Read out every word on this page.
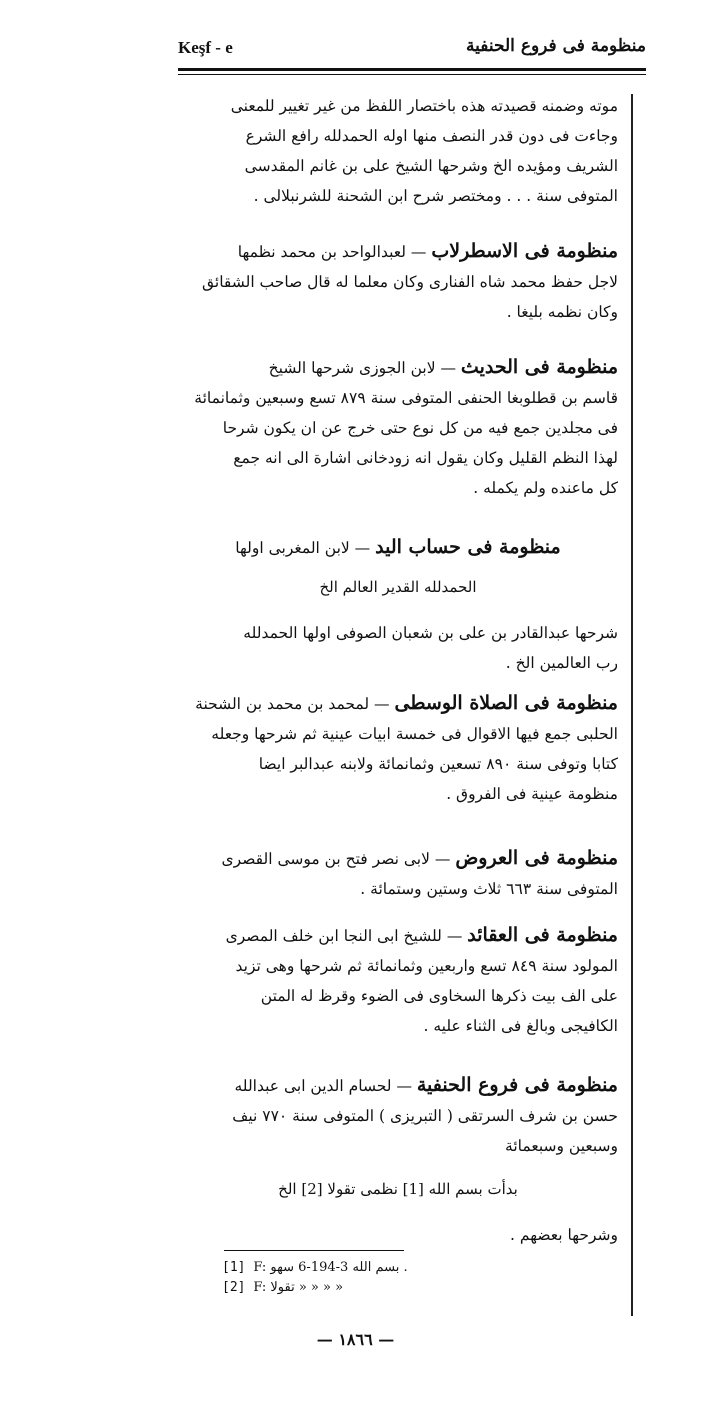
Keşf - e	منظومة فى فروع الحنفية
موته وضمنه قصيدته هذه باختصار اللفظ من غير تغيير للمعنى
وجاءت فى دون قدر النصف منها اوله الحمدلله رافع الشرع
الشريف ومؤيده الخ وشرحها الشيخ على بن غانم المقدسى
المتوفى سنة . . . ومختصر شرح ابن الشحنة للشرنبلالى .
منظومة فى الاسطرلاب — لعبدالواحد بن محمد نظمها
لاجل حفظ محمد شاه الفنارى وكان معلما له قال صاحب الشقائق
وكان نظمه بليغا .
منظومة فى الحديث — لابن الجوزى شرحها الشيخ
قاسم بن قطلوبغا الحنفى المتوفى سنة ٨٧٩ تسع وسبعين وثمانمائة
فى مجلدين جمع فيه من كل نوع حتى خرج عن ان يكون شرحا
لهذا النظم القليل وكان يقول انه زودخانى اشارة الى انه جمع
كل ماعنده ولم يكمله .
منظومة فى حساب اليد — لابن المغربى اولها
الحمدلله القدير العالم الخ
شرحها عبدالقادر بن على بن شعبان الصوفى اولها الحمدلله
رب العالمين الخ .
منظومة فى الصلاة الوسطى — لمحمد بن محمد بن الشحنة
الحلبى جمع فيها الاقوال فى خمسة ابيات عينية ثم شرحها وجعله
كتابا وتوفى سنة ٨٩٠ تسعين وثمانمائة ولابنه عبدالبر ايضا
منظومة عينية فى الفروق .
منظومة فى العروض — لابى نصر فتح بن موسى القصرى
المتوفى سنة ٦٦٣ ثلاث وستين وستمائة .
منظومة فى العقائد — للشيخ ابى النجا ابن خلف المصرى
المولود سنة ٨٤٩ تسع واربعين وثمانمائة ثم شرحها وهى تزيد
على الف بيت ذكرها السخاوى فى الضوء وقرظ له المتن
الكافيجى وبالغ فى الثناء عليه .
منظومة فى فروع الحنفية — لحسام الدين ابى عبدالله
حسن بن شرف السرتقى ( التبريزى ) المتوفى سنة ٧٧٠ نيف
وسبعين وسبعمائة
بدأت بسم الله [1] نظمى تقولا [2] الخ
وشرحها بعضهم .
[1] F: بسم الله 3-194-6 سهو .
[2] F: تقولا » » » »
— ١٨٦٦ —
